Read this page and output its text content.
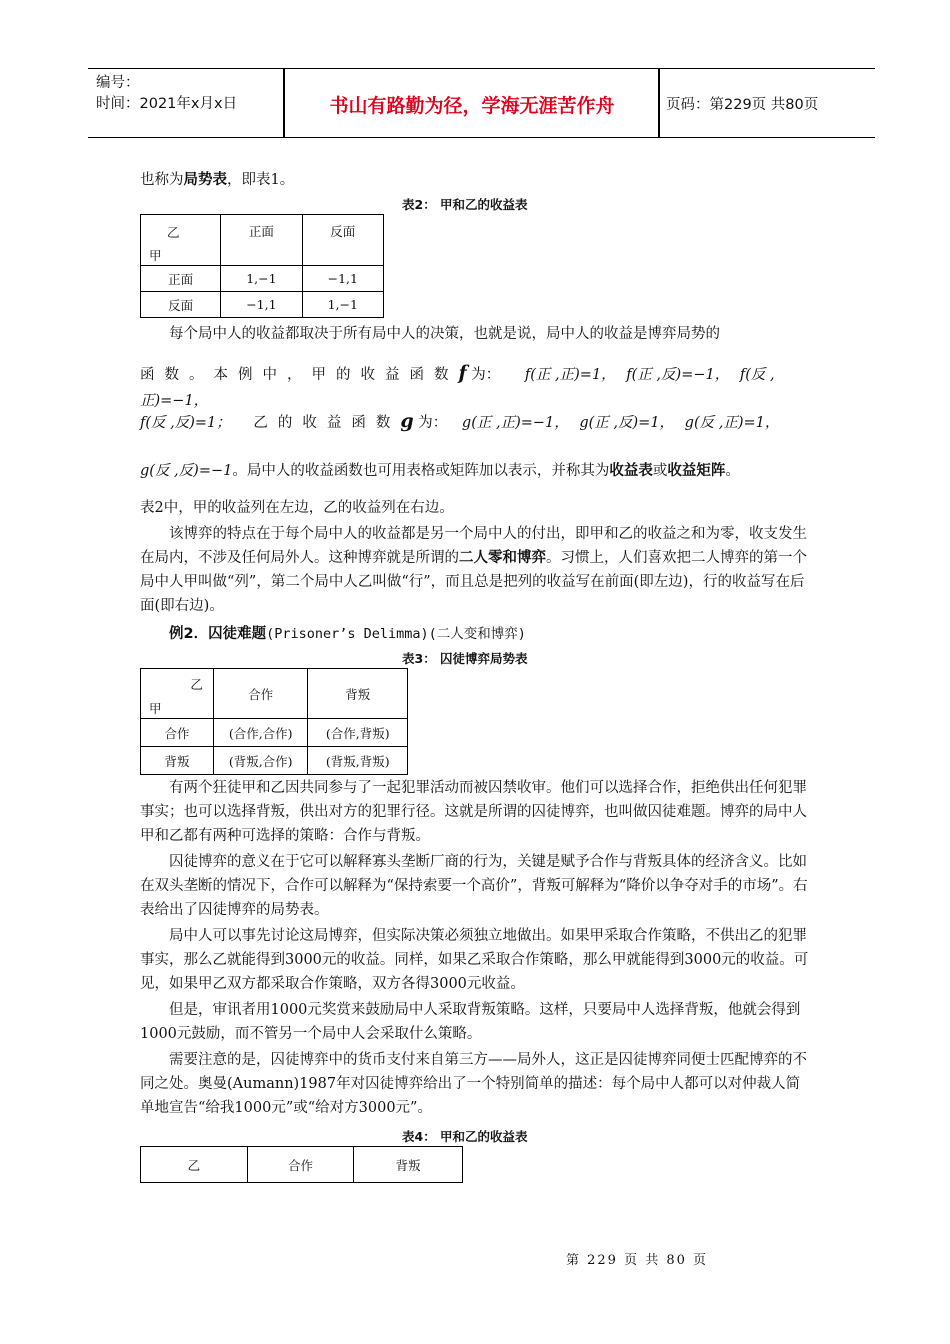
编号：
时间：2021年x月x日	书山有路勤为径，学海无涯苦作舟	页码：第229页 共80页
也称为局势表，即表1。
表2： 甲和乙的收益表
乙
甲	正面	反面
正面	1,−1	−1,1
反面	−1,1	1,−1
每个局中人的收益都取决于所有局中人的决策，也就是说，局中人的收益是博弈局势的
函数。本例中，甲的收益函数f 为： f(正 ,正)=1， f(正 ,反)=−1， f(反 ,正)=−1，
f(反 ,反)=1； 乙的收益函数g 为： g(正 ,正)=−1， g(正 ,反)=1， g(反 ,正)=1，
g(反 ,反)=−1。局中人的收益函数也可用表格或矩阵加以表示，并称其为收益表或收益矩阵。
表2中，甲的收益列在左边，乙的收益列在右边。
该博弈的特点在于每个局中人的收益都是另一个局中人的付出，即甲和乙的收益之和为零，收支发生在局内，不涉及任何局外人。这种博弈就是所谓的二人零和博弈。习惯上，人们喜欢把二人博弈的第一个局中人甲叫做“列”，第二个局中人乙叫做“行”，而且总是把列的收益写在前面(即左边)，行的收益写在后面(即右边)。
例2．囚徒难题(Prisoner’s Delimma)(二人变和博弈)
表3： 囚徒博弈局势表
乙
甲	合作	背叛
合作	(合作,合作)	(合作,背叛)
背叛	(背叛,合作)	(背叛,背叛)
有两个狂徒甲和乙因共同参与了一起犯罪活动而被囚禁收审。他们可以选择合作，拒绝供出任何犯罪事实；也可以选择背叛，供出对方的犯罪行径。这就是所谓的囚徒博弈，也叫做囚徒难题。博弈的局中人甲和乙都有两种可选择的策略：合作与背叛。
囚徒博弈的意义在于它可以解释寡头垄断厂商的行为，关键是赋予合作与背叛具体的经济含义。比如在双头垄断的情况下，合作可以解释为“保持索要一个高价”，背叛可解释为“降价以争夺对手的市场”。右表给出了囚徒博弈的局势表。
局中人可以事先讨论这局博弈，但实际决策必须独立地做出。如果甲采取合作策略，不供出乙的犯罪事实，那么乙就能得到3000元的收益。同样，如果乙采取合作策略，那么甲就能得到3000元的收益。可见，如果甲乙双方都采取合作策略，双方各得3000元收益。
但是，审讯者用1000元奖赏来鼓励局中人采取背叛策略。这样，只要局中人选择背叛，他就会得到1000元鼓励，而不管另一个局中人会采取什么策略。
需要注意的是，囚徒博弈中的货币支付来自第三方——局外人，这正是囚徒博弈同便士匹配博弈的不同之处。奥曼(Aumann)1987年对囚徒博弈给出了一个特别简单的描述：每个局中人都可以对仲裁人简单地宣告“给我1000元”或“给对方3000元”。
表4： 甲和乙的收益表
乙	合作	背叛
第 229 页 共 80 页
